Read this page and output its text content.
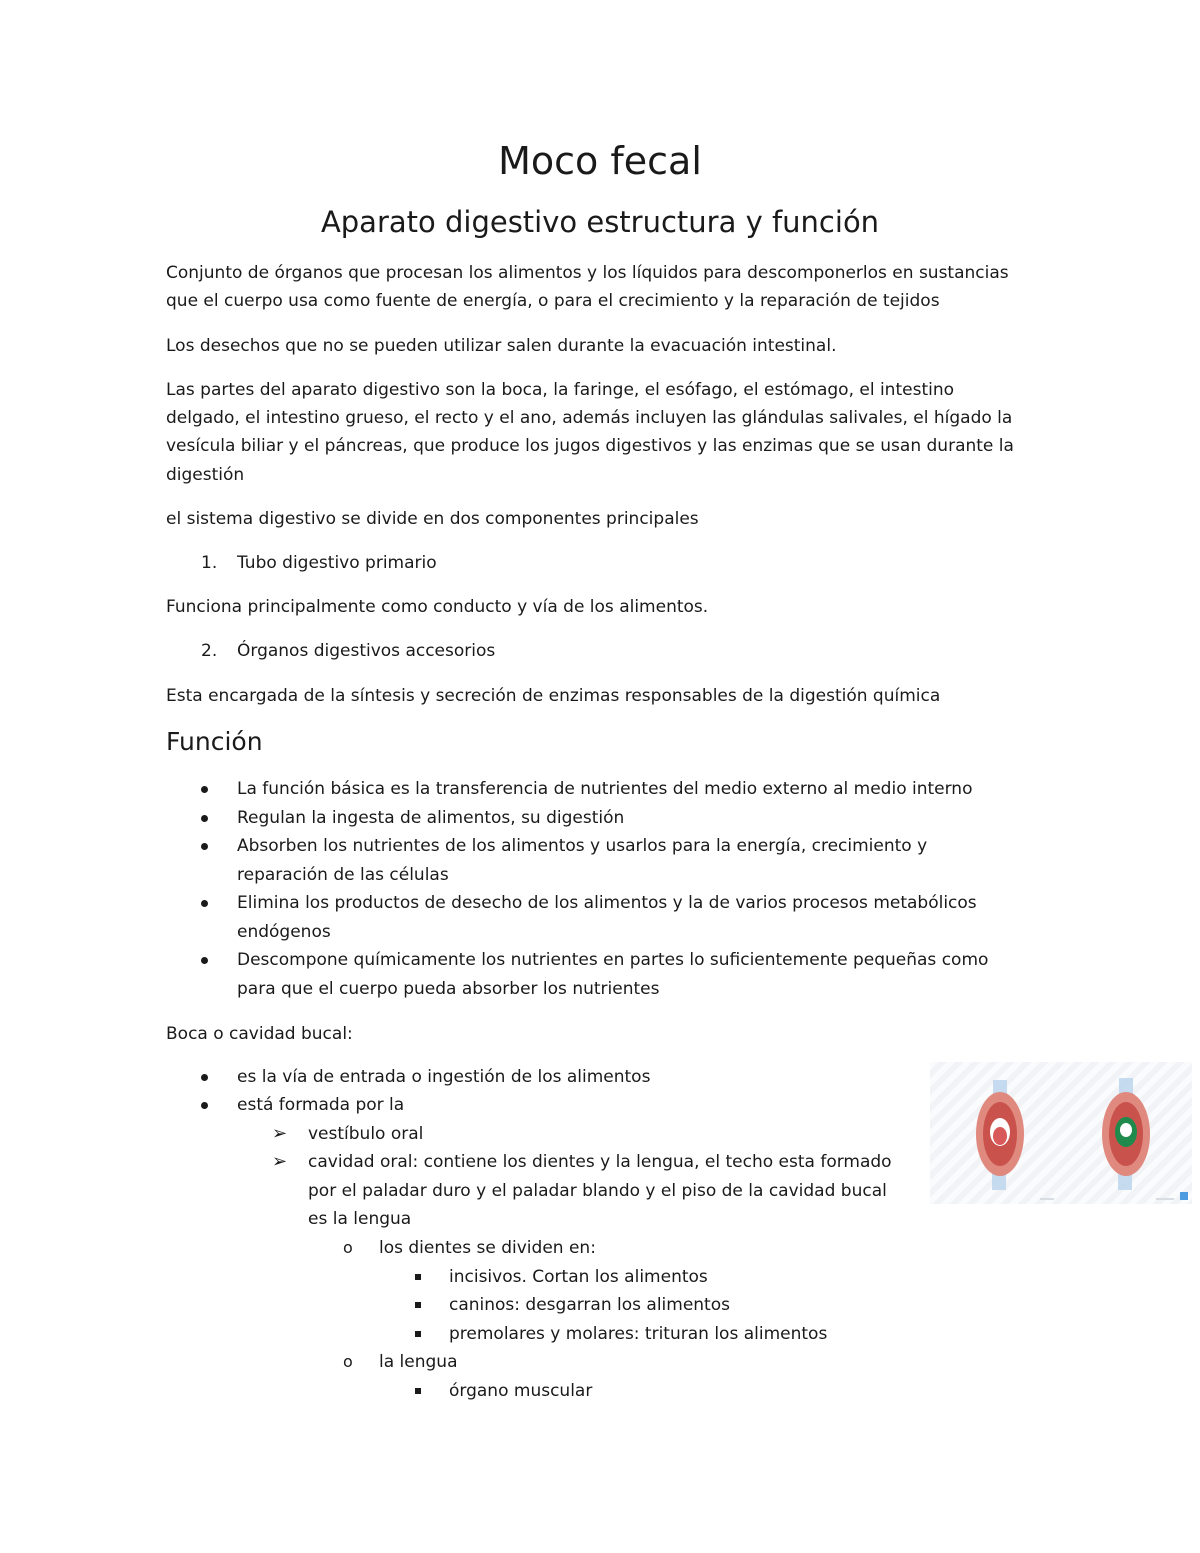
Moco fecal
Aparato digestivo estructura y función

Conjunto de órganos que procesan los alimentos y los líquidos para descomponerlos en sustancias

que el cuerpo usa como fuente de energía, o para el crecimiento y la reparación de tejidos

Los desechos que no se pueden utilizar salen durante la evacuación intestinal.

Las partes del aparato digestivo son la boca, la faringe, el esófago, el estómago, el intestino

delgado, el intestino grueso, el recto y el ano, además incluyen las glándulas salivales, el hígado la

vesícula biliar y el páncreas, que produce los jugos digestivos y las enzimas que se usan durante la

digestión

el sistema digestivo se divide en dos componentes principales

1. Tubo digestivo primario

Funciona principalmente como conducto y vía de los alimentos.

2. Órganos digestivos accesorios

Esta encargada de la síntesis y secreción de enzimas responsables de la digestión química

Función

La función básica es la transferencia de nutrientes del medio externo al medio interno

Regulan la ingesta de alimentos, su digestión

Absorben los nutrientes de los alimentos y usarlos para la energía, crecimiento y

reparación de las células

Elimina los productos de desecho de los alimentos y la de varios procesos metabólicos

endógenos

Descompone químicamente los nutrientes en partes lo suficientemente pequeñas como

para que el cuerpo pueda absorber los nutrientes

Boca o cavidad bucal:

es la vía de entrada o ingestión de los alimentos

está formada por la

➢ vestíbulo oral

➢ cavidad oral: contiene los dientes y la lengua, el techo esta formado

por el paladar duro y el paladar blando y el piso de la cavidad bucal

es la lengua

o los dientes se dividen en:

incisivos. Cortan los alimentos

caninos: desgarran los alimentos

premolares y molares: trituran los alimentos

o la lengua

órgano muscular
